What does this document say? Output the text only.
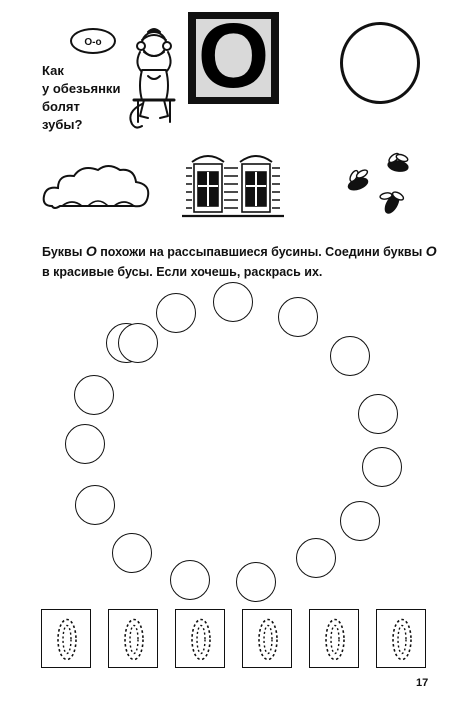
О-о
Как
у обезьянки
болят
зубы?
О
Буквы О похожи на рассыпавшиеся бусины. Соедини буквы О в красивые бусы. Если хочешь, раскрась их.
17
